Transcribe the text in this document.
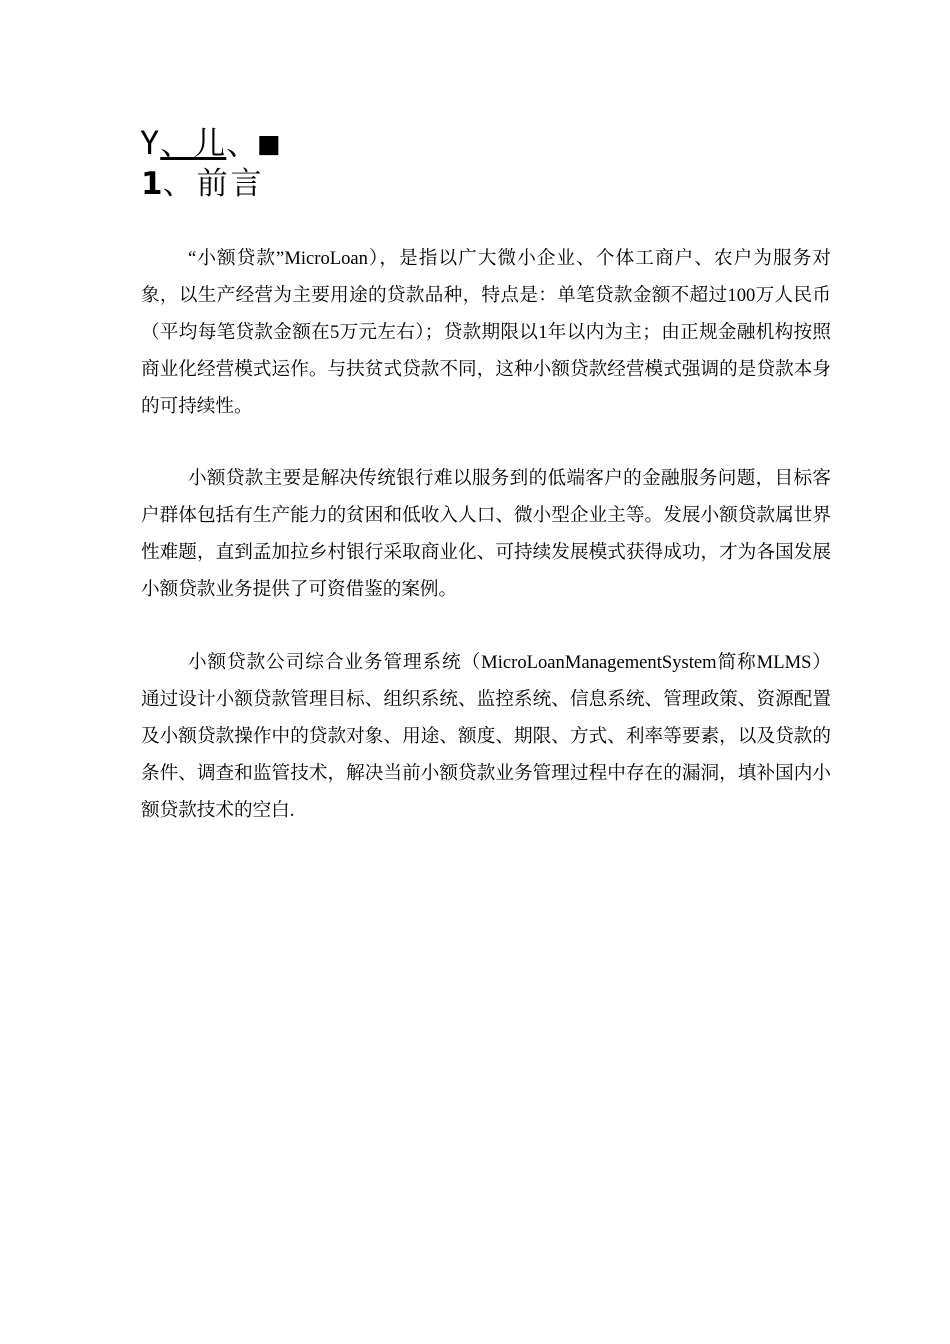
Y、儿、■
1、前言

“小额贷款”MicroLoan），是指以广大微小企业、个体工商户、农户为服务对象，以生产经营为主要用途的贷款品种，特点是：单笔贷款金额不超过100万人民币（平均每笔贷款金额在5万元左右）；贷款期限以1年以内为主；由正规金融机构按照商业化经营模式运作。与扶贫式贷款不同，这种小额贷款经营模式强调的是贷款本身的可持续性。

小额贷款主要是解决传统银行难以服务到的低端客户的金融服务问题，目标客户群体包括有生产能力的贫困和低收入人口、微小型企业主等。发展小额贷款属世界性难题，直到孟加拉乡村银行采取商业化、可持续发展模式获得成功，才为各国发展小额贷款业务提供了可资借鉴的案例。

小额贷款公司综合业务管理系统（MicroLoanManagementSystem简称MLMS）通过设计小额贷款管理目标、组织系统、监控系统、信息系统、管理政策、资源配置及小额贷款操作中的贷款对象、用途、额度、期限、方式、利率等要素，以及贷款的条件、调查和监管技术，解决当前小额贷款业务管理过程中存在的漏洞，填补国内小额贷款技术的空白.
